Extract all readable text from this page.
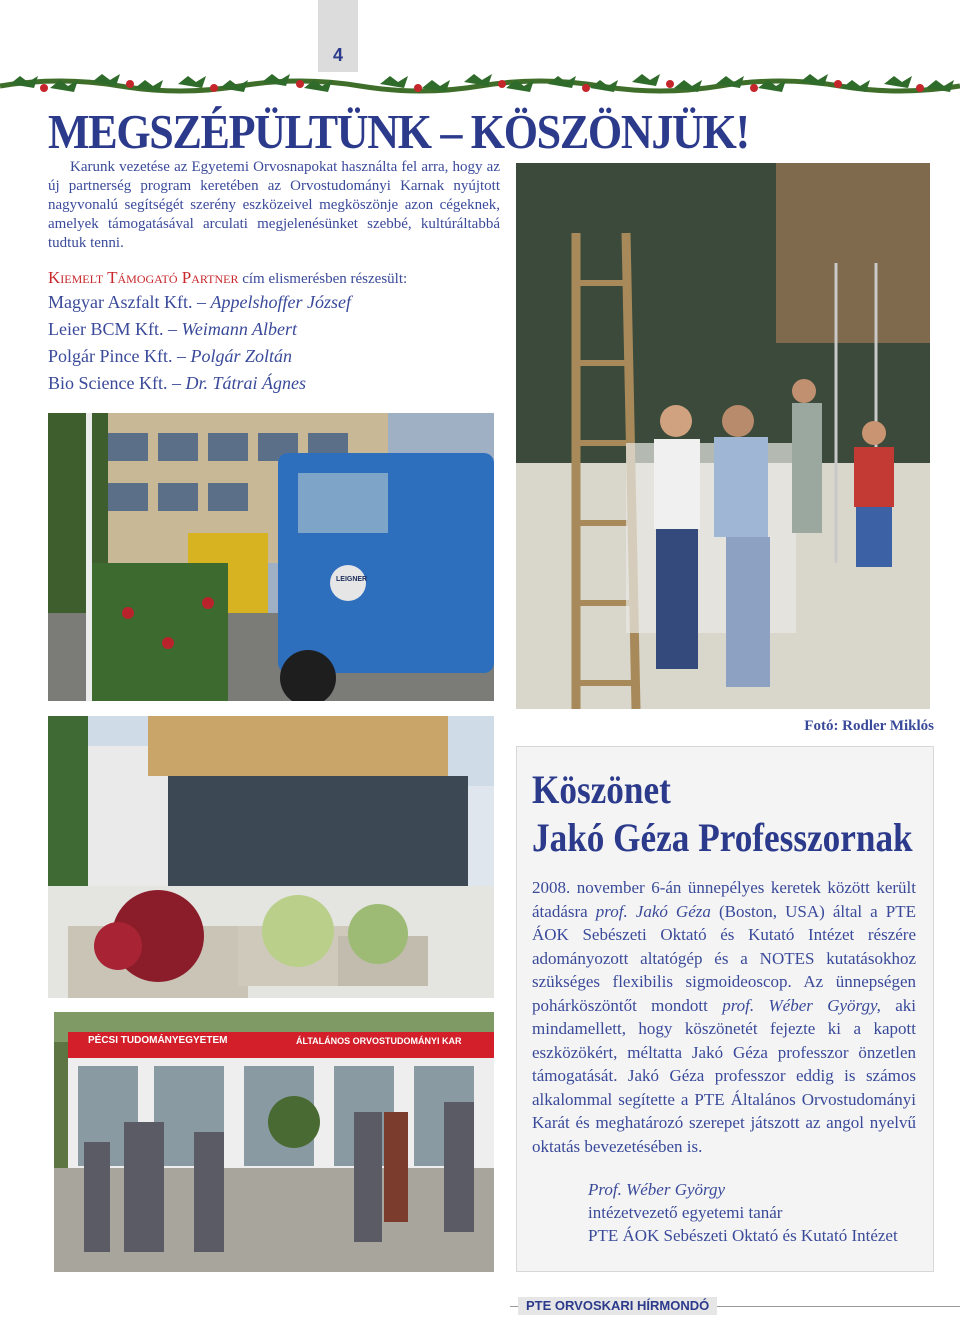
4
MEGSZÉPÜLTÜNK – KÖSZÖNJÜK!
Karunk vezetése az Egyetemi Orvosnapokat használta fel arra, hogy az új partnerség program keretében az Orvostudományi Karnak nyújtott nagyvonalú segítségét szerény eszközeivel megköszönje azon cégeknek, amelyek támogatásával arculati megjelenésünket szebbé, kultúráltabbá tudtuk tenni.
Kiemelt Támogató Partner cím elismerésben részesült:
Magyar Aszfalt Kft. – Appelshoffer József
Leier BCM Kft. – Weimann Albert
Polgár Pince Kft. – Polgár Zoltán
Bio Science Kft. – Dr. Tátrai Ágnes
LEIGNER
PÉCSI TUDOMÁNYEGYETEM	ÁLTALÁNOS ORVOSTUDOMÁNYI KAR
Fotó: Rodler Miklós
Köszönet
Jakó Géza Professzornak
2008. november 6-án ünnepélyes keretek között került átadásra prof. Jakó Géza (Boston, USA) által a PTE ÁOK Sebészeti Oktató és Kutató Intézet részére adományozott altatógép és a NOTES kutatásokhoz szükséges flexibilis sigmoideoscop. Az ünnepségen pohárköszöntőt mondott prof. Wéber György, aki mindamellett, hogy köszönetét fejezte ki a kapott eszközökért, méltatta Jakó Géza professzor önzetlen támogatását. Jakó Géza professzor eddig is számos alkalommal segítette a PTE Általános Orvostudományi Karát és meghatározó szerepet játszott az angol nyelvű oktatás bevezetésében is.
Prof. Wéber György
intézetvezető egyetemi tanár
PTE ÁOK Sebészeti Oktató és Kutató Intézet
PTE ORVOSKARI HÍRMONDÓ
